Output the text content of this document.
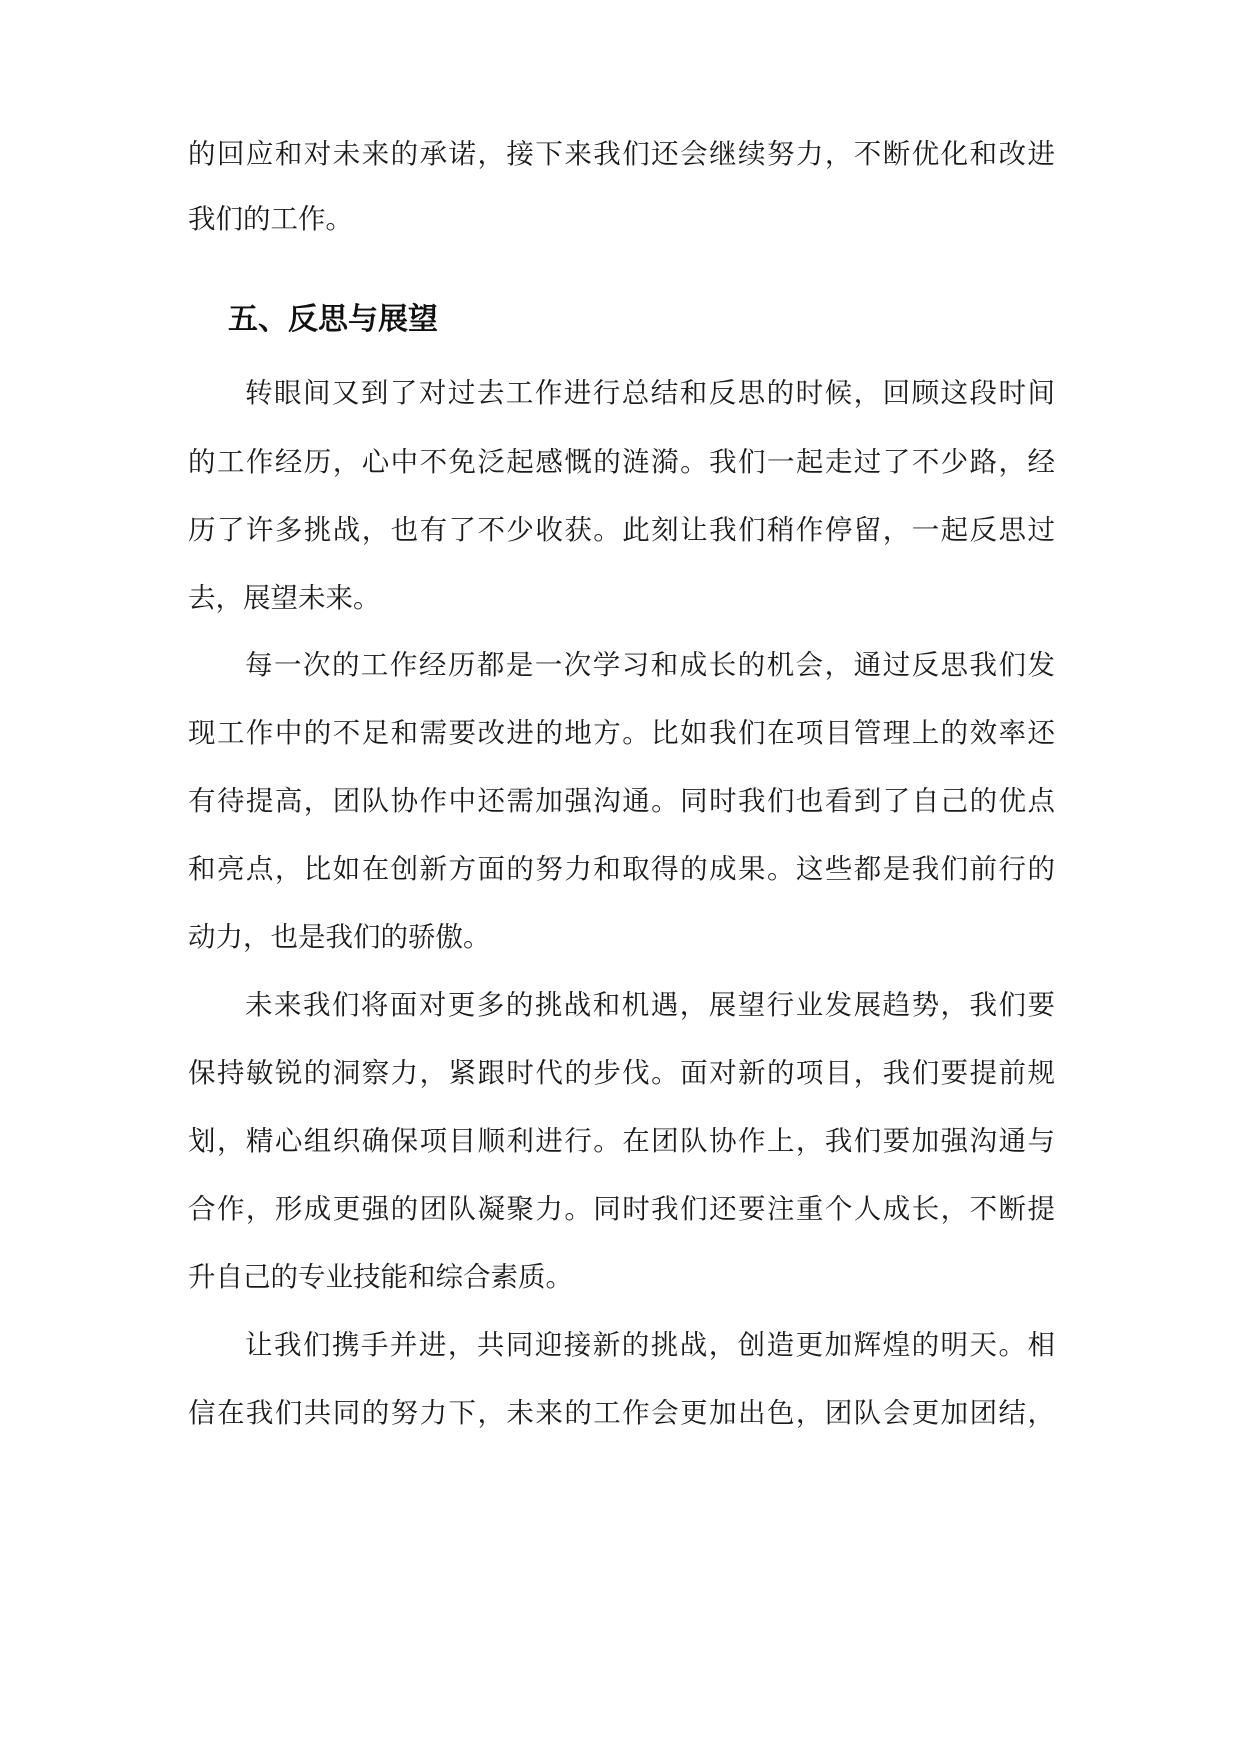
的回应和对未来的承诺，接下来我们还会继续努力，不断优化和改进
我们的工作。
五、反思与展望
转眼间又到了对过去工作进行总结和反思的时候，回顾这段时间
的工作经历，心中不免泛起感慨的涟漪。我们一起走过了不少路，经
历了许多挑战，也有了不少收获。此刻让我们稍作停留，一起反思过
去，展望未来。
每一次的工作经历都是一次学习和成长的机会，通过反思我们发
现工作中的不足和需要改进的地方。比如我们在项目管理上的效率还
有待提高，团队协作中还需加强沟通。同时我们也看到了自己的优点
和亮点，比如在创新方面的努力和取得的成果。这些都是我们前行的
动力，也是我们的骄傲。
未来我们将面对更多的挑战和机遇，展望行业发展趋势，我们要
保持敏锐的洞察力，紧跟时代的步伐。面对新的项目，我们要提前规
划，精心组织确保项目顺利进行。在团队协作上，我们要加强沟通与
合作，形成更强的团队凝聚力。同时我们还要注重个人成长，不断提
升自己的专业技能和综合素质。
让我们携手并进，共同迎接新的挑战，创造更加辉煌的明天。相
信在我们共同的努力下，未来的工作会更加出色，团队会更加团结，
